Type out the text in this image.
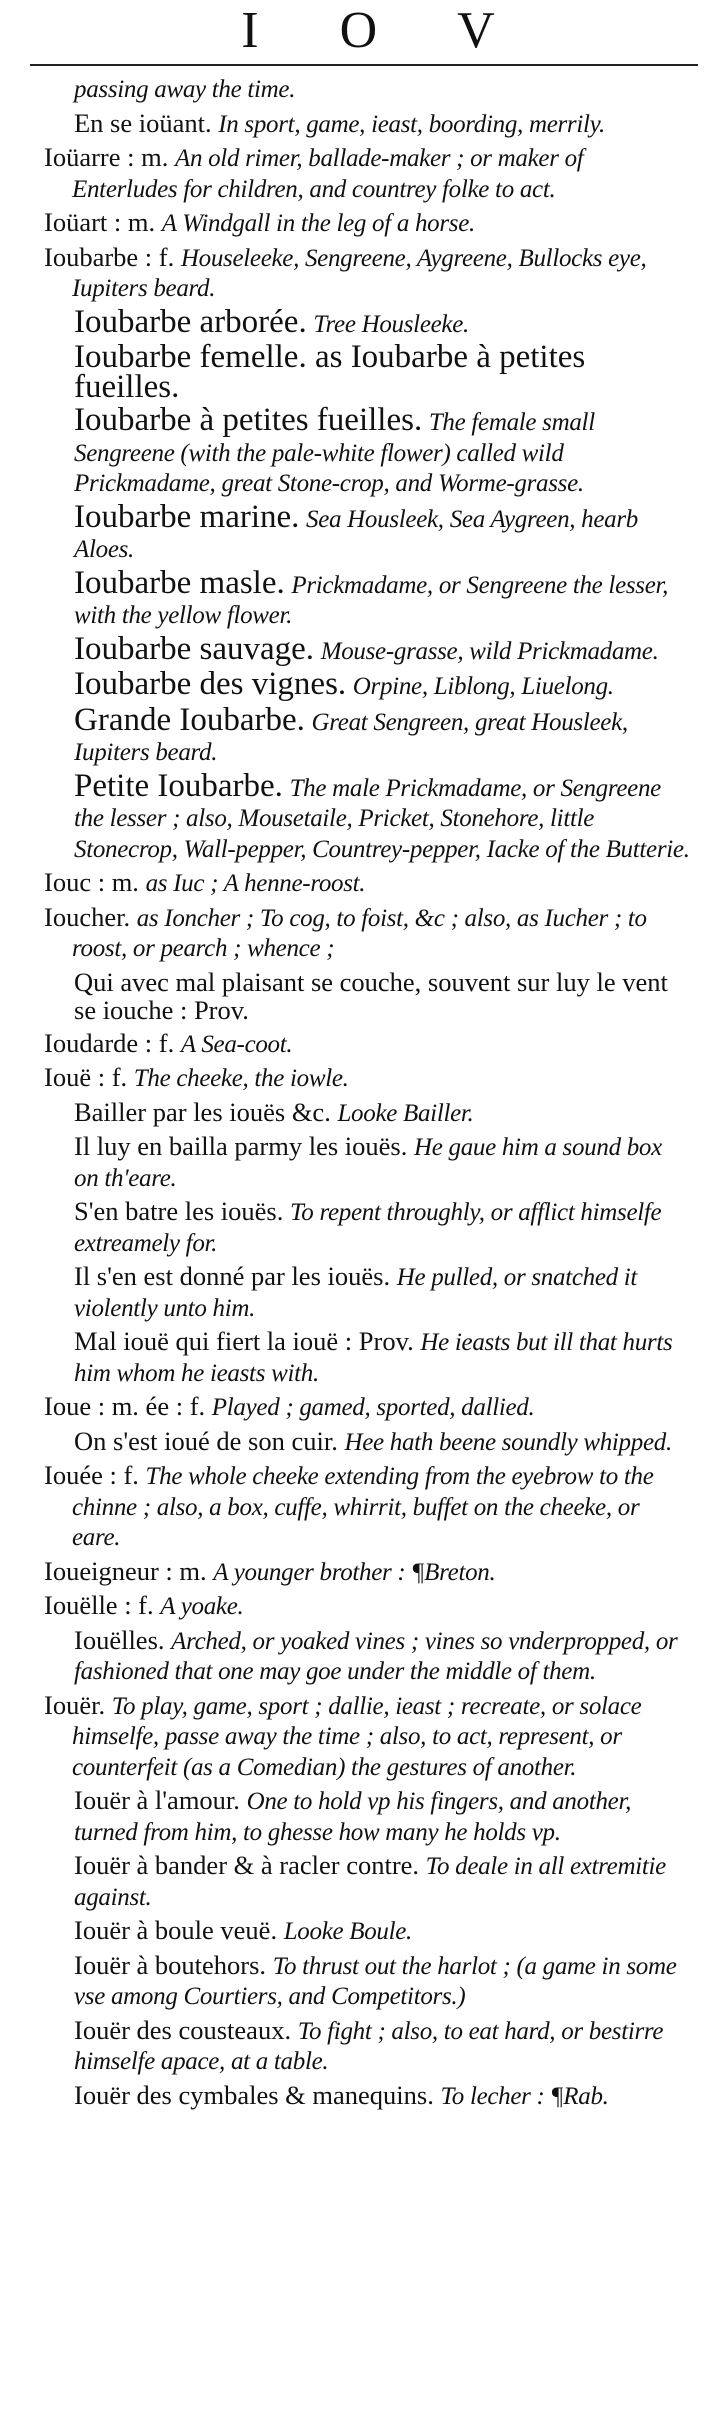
I O V
passing away the time.
En se ioüant. In sport, game, ieast, boording, merrily.
Ioüarre : m. An old rimer, ballade-maker ; or maker of Enterludes for children, and countrey folke to act.
Ioüart : m. A Windgall in the leg of a horse.
Ioubarbe : f. Houseleeke, Sengreene, Aygreene, Bullocks eye, Iupiters beard.
Ioubarbe arborée. Tree Housleeke.
Ioubarbe femelle. as Ioubarbe à petites fueilles.
Ioubarbe à petites fueilles. The female small Sengreene (with the pale-white flower) called wild Prickmadame, great Stone-crop, and Worme-grasse.
Ioubarbe marine. Sea Housleek, Sea Aygreen, hearb Aloes.
Ioubarbe masle. Prickmadame, or Sengreene the lesser, with the yellow flower.
Ioubarbe sauvage. Mouse-grasse, wild Prickmadame.
Ioubarbe des vignes. Orpine, Liblong, Liuelong.
Grande Ioubarbe. Great Sengreen, great Housleek, Iupiters beard.
Petite Ioubarbe. The male Prickmadame, or Sengreene the lesser ; also, Mousetaile, Pricket, Stonehore, little Stonecrop, Wall-pepper, Countrey-pepper, Iacke of the Butterie.
Iouc : m. as Iuc ; A henne-roost.
Ioucher. as Ioncher ; To cog, to foist, &c ; also, as Iucher ; to roost, or pearch ; whence ;
Qui avec mal plaisant se couche, souvent sur luy le vent se iouche : Prov.
Ioudarde : f. A Sea-coot.
Iouë : f. The cheeke, the iowle.
Bailler par les iouës &c. Looke Bailler.
Il luy en bailla parmy les iouës. He gaue him a sound box on th'eare.
S'en batre les iouës. To repent throughly, or afflict himselfe extreamely for.
Il s'en est donné par les iouës. He pulled, or snatched it violently unto him.
Mal iouë qui fiert la iouë : Prov. He ieasts but ill that hurts him whom he ieasts with.
Ioue : m. ée : f. Played ; gamed, sported, dallied.
On s'est ioué de son cuir. Hee hath beene soundly whipped.
Iouée : f. The whole cheeke extending from the eyebrow to the chinne ; also, a box, cuffe, whirrit, buffet on the cheeke, or eare.
Ioueigneur : m. A younger brother : ¶Breton.
Iouëlle : f. A yoake.
Iouëlles. Arched, or yoaked vines ; vines so vnderpropped, or fashioned that one may goe under the middle of them.
Iouër. To play, game, sport ; dallie, ieast ; recreate, or solace himselfe, passe away the time ; also, to act, represent, or counterfeit (as a Comedian) the gestures of another.
Iouër à l'amour. One to hold vp his fingers, and another, turned from him, to ghesse how many he holds vp.
Iouër à bander & à racler contre. To deale in all extremitie against.
Iouër à boule veuë. Looke Boule.
Iouër à boutehors. To thrust out the harlot ; (a game in some vse among Courtiers, and Competitors.)
Iouër des cousteaux. To fight ; also, to eat hard, or bestirre himselfe apace, at a table.
Iouër des cymbales & manequins. To lecher : ¶Rab.
